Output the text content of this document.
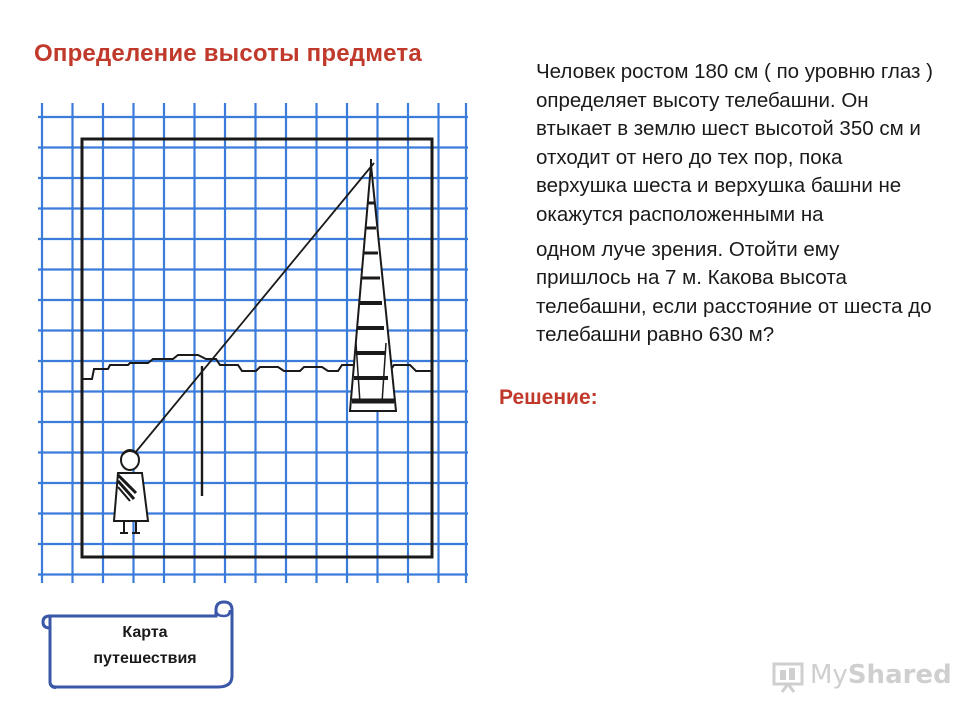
Определение высоты предмета

Человек ростом 180 см ( по уровню глаз ) определяет высоту телебашни. Он втыкает в землю шест высотой 350 см и отходит от него до тех пор, пока верхушка шеста и верхушка башни не окажутся расположенными на

одном луче зрения. Отойти ему пришлось на 7 м. Какова высота телебашни, если расстояние от шеста до телебашни равно 630 м?

Решение:
Карта
путешествия
MyShared
